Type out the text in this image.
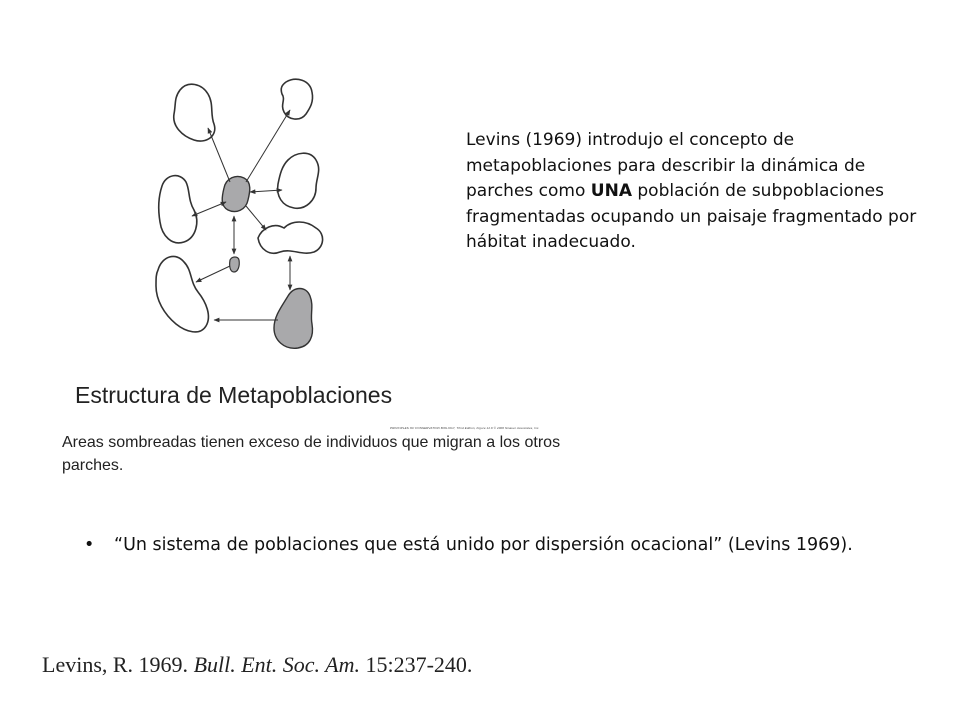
PRINCIPLES OF CONSERVATION BIOLOGY, Third Edition, Figure 12.6 © 2006 Sinauer Associates, Inc.
Levins (1969) introdujo el concepto de metapoblaciones para describir la dinámica de parches como UNA población de subpoblaciones fragmentadas ocupando un paisaje fragmentado por hábitat inadecuado.
Estructura de Metapoblaciones
Areas sombreadas tienen exceso de individuos que migran a los otros parches.
•	“Un sistema de poblaciones que está unido por dispersión ocacional” (Levins 1969).
Levins, R. 1969. Bull. Ent. Soc. Am. 15:237-240.
